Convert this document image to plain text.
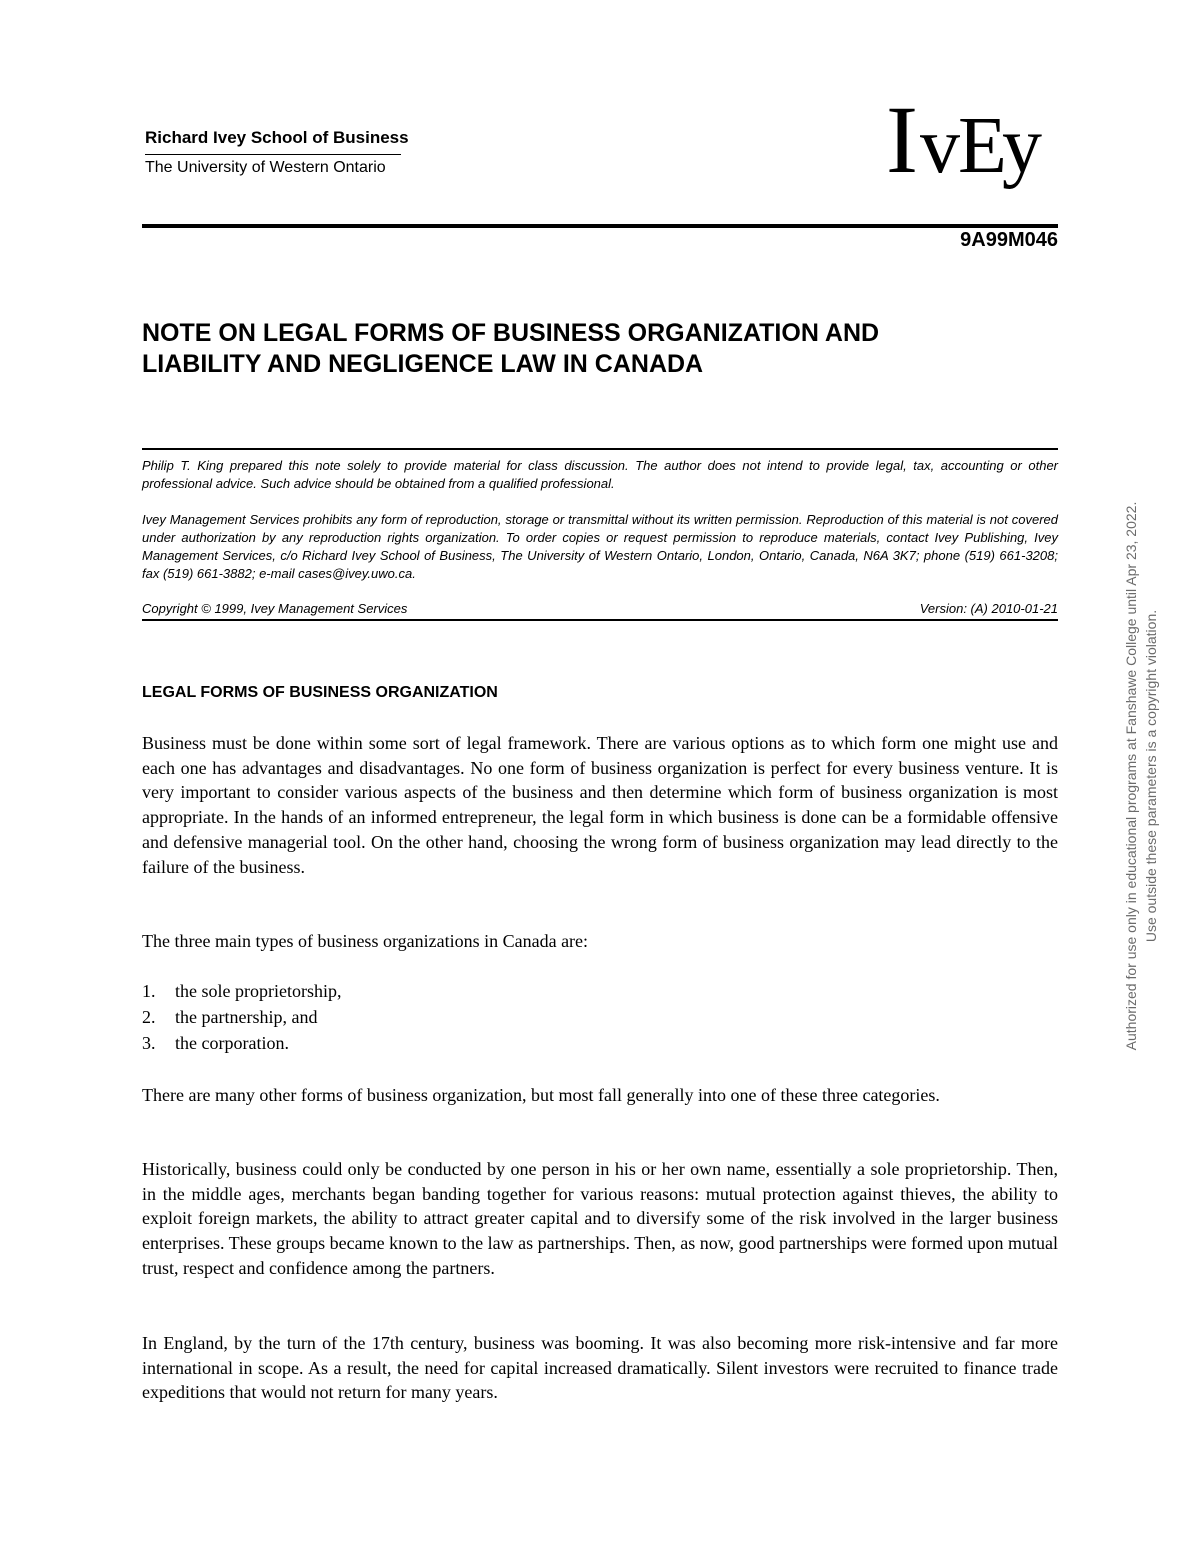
Richard Ivey School of Business
The University of Western Ontario	I v E
y
9A99M046
NOTE ON LEGAL FORMS OF BUSINESS ORGANIZATION AND
LIABILITY AND NEGLIGENCE LAW IN CANADA
Philip T. King prepared this note solely to provide material for class discussion. The author does not intend to provide legal, tax, accounting or other professional advice. Such advice should be obtained from a qualified professional.
Ivey Management Services prohibits any form of reproduction, storage or transmittal without its written permission. Reproduction of this material is not covered under authorization by any reproduction rights organization. To order copies or request permission to reproduce materials, contact Ivey Publishing, Ivey Management Services, c/o Richard Ivey School of Business, The University of Western Ontario, London, Ontario, Canada, N6A 3K7; phone (519) 661-3208; fax (519) 661-3882; e-mail cases@ivey.uwo.ca.
Copyright © 1999, Ivey Management Services	Version: (A) 2010-01-21
LEGAL FORMS OF BUSINESS ORGANIZATION

Business must be done within some sort of legal framework. There are various options as to which form one might use and each one has advantages and disadvantages. No one form of business organization is perfect for every business venture. It is very important to consider various aspects of the business and then determine which form of business organization is most appropriate. In the hands of an informed entrepreneur, the legal form in which business is done can be a formidable offensive and defensive managerial tool. On the other hand, choosing the wrong form of business organization may lead directly to the failure of the business.

The three main types of business organizations in Canada are:

1. the sole proprietorship,
2. the partnership, and
3. the corporation.

There are many other forms of business organization, but most fall generally into one of these three categories.

Historically, business could only be conducted by one person in his or her own name, essentially a sole proprietorship. Then, in the middle ages, merchants began banding together for various reasons: mutual protection against thieves, the ability to exploit foreign markets, the ability to attract greater capital and to diversify some of the risk involved in the larger business enterprises. These groups became known to the law as partnerships. Then, as now, good partnerships were formed upon mutual trust, respect and confidence among the partners.

In England, by the turn of the 17th century, business was booming. It was also becoming more risk-intensive and far more international in scope. As a result, the need for capital increased dramatically. Silent investors were recruited to finance trade expeditions that would not return for many years.

Authorized for use only in educational programs at Fanshawe College until Apr 23, 2022. Use outside these parameters is a copyright violation.
